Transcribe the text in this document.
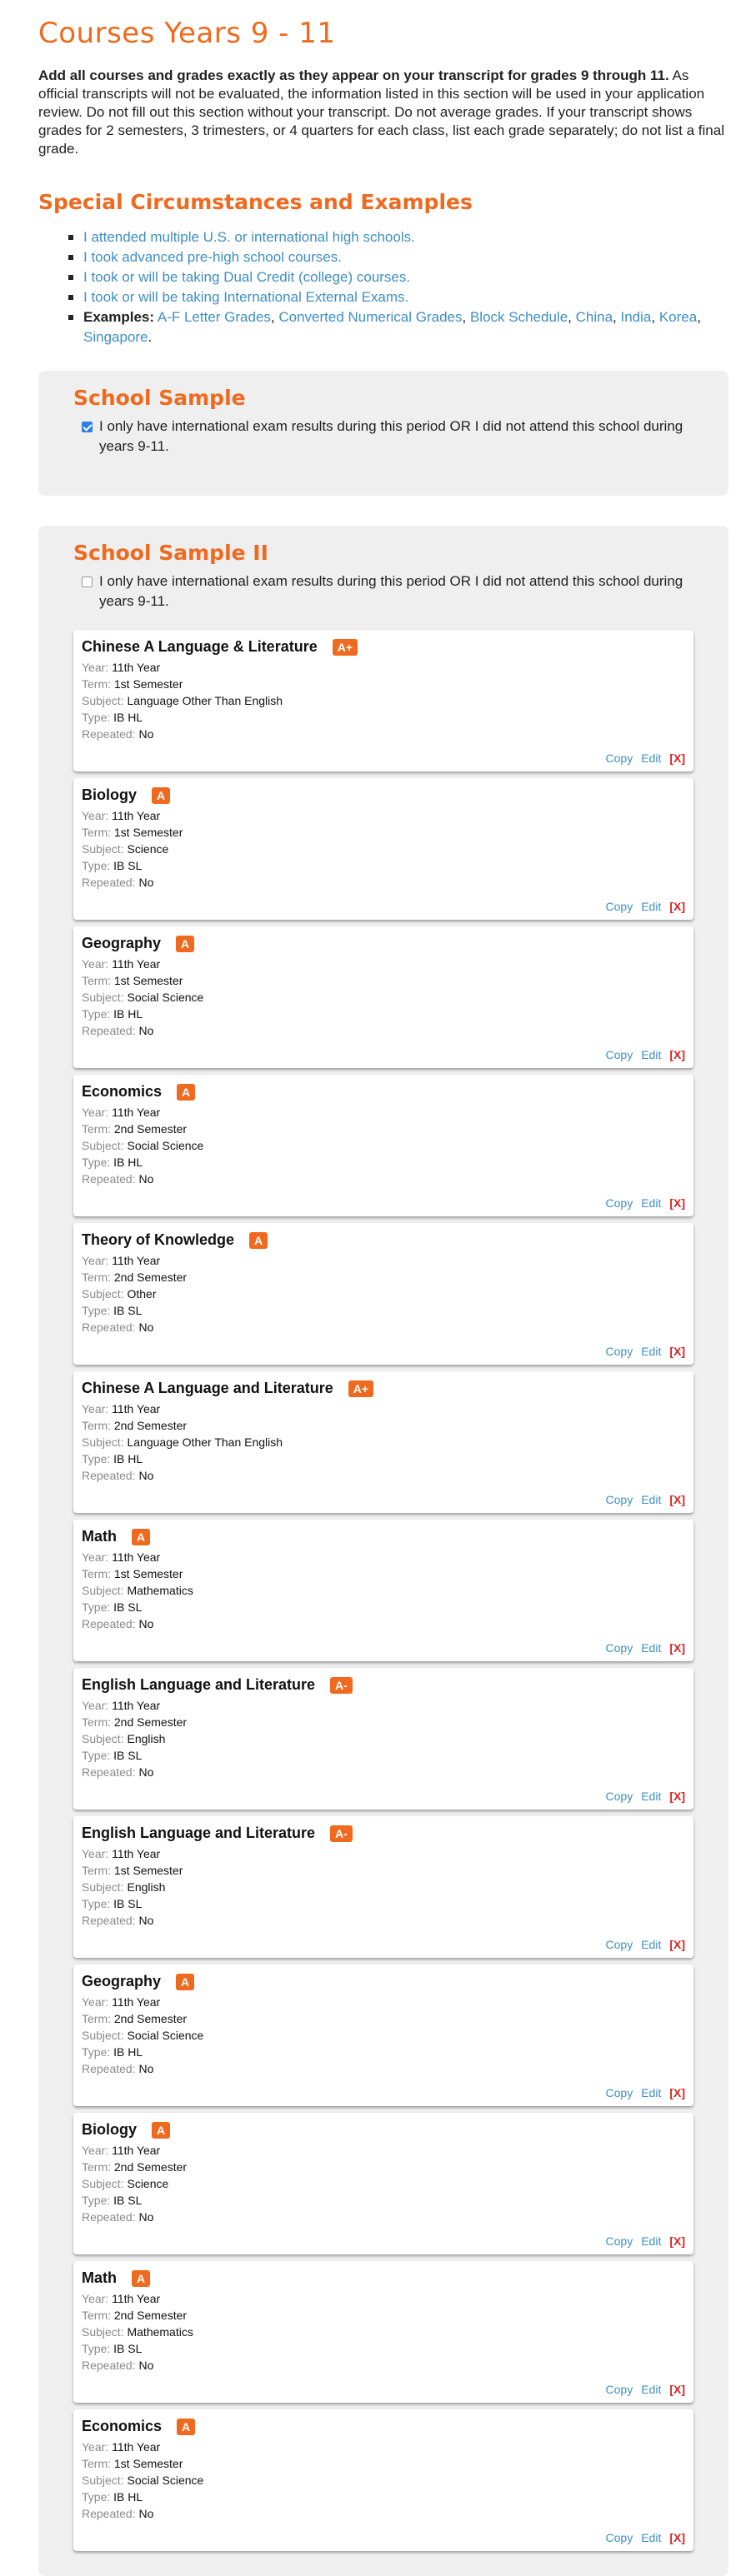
Courses Years 9 - 11

Add all courses and grades exactly as they appear on your transcript for grades 9 through 11. As official transcripts will not be evaluated, the information listed in this section will be used in your application review. Do not fill out this section without your transcript. Do not average grades. If your transcript shows grades for 2 semesters, 3 trimesters, or 4 quarters for each class, list each grade separately; do not list a final grade.

Special Circumstances and Examples
I attended multiple U.S. or international high schools.
I took advanced pre-high school courses.
I took or will be taking Dual Credit (college) courses.
I took or will be taking International External Exams.
Examples: A-F Letter Grades, Converted Numerical Grades, Block Schedule, China, India, Korea, Singapore.
School Sample
I only have international exam results during this period OR I did not attend this school during years 9-11.
School Sample II
I only have international exam results during this period OR I did not attend this school during years 9-11.
Chinese A Language & Literature	A+
Year: 11th Year
Term: 1st Semester
Subject: Language Other Than English
Type: IB HL
Repeated: No
Copy Edit [X]
Biology	A
Year: 11th Year
Term: 1st Semester
Subject: Science
Type: IB SL
Repeated: No
Copy Edit [X]
Geography	A
Year: 11th Year
Term: 1st Semester
Subject: Social Science
Type: IB HL
Repeated: No
Copy Edit [X]
Economics	A
Year: 11th Year
Term: 2nd Semester
Subject: Social Science
Type: IB HL
Repeated: No
Copy Edit [X]
Theory of Knowledge	A
Year: 11th Year
Term: 2nd Semester
Subject: Other
Type: IB SL
Repeated: No
Copy Edit [X]
Chinese A Language and Literature	A+
Year: 11th Year
Term: 2nd Semester
Subject: Language Other Than English
Type: IB HL
Repeated: No
Copy Edit [X]
Math	A
Year: 11th Year
Term: 1st Semester
Subject: Mathematics
Type: IB SL
Repeated: No
Copy Edit [X]
English Language and Literature	A-
Year: 11th Year
Term: 2nd Semester
Subject: English
Type: IB SL
Repeated: No
Copy Edit [X]
English Language and Literature	A-
Year: 11th Year
Term: 1st Semester
Subject: English
Type: IB SL
Repeated: No
Copy Edit [X]
Geography	A
Year: 11th Year
Term: 2nd Semester
Subject: Social Science
Type: IB HL
Repeated: No
Copy Edit [X]
Biology	A
Year: 11th Year
Term: 2nd Semester
Subject: Science
Type: IB SL
Repeated: No
Copy Edit [X]
Math	A
Year: 11th Year
Term: 2nd Semester
Subject: Mathematics
Type: IB SL
Repeated: No
Copy Edit [X]
Economics	A
Year: 11th Year
Term: 1st Semester
Subject: Social Science
Type: IB HL
Repeated: No
Copy Edit [X]
